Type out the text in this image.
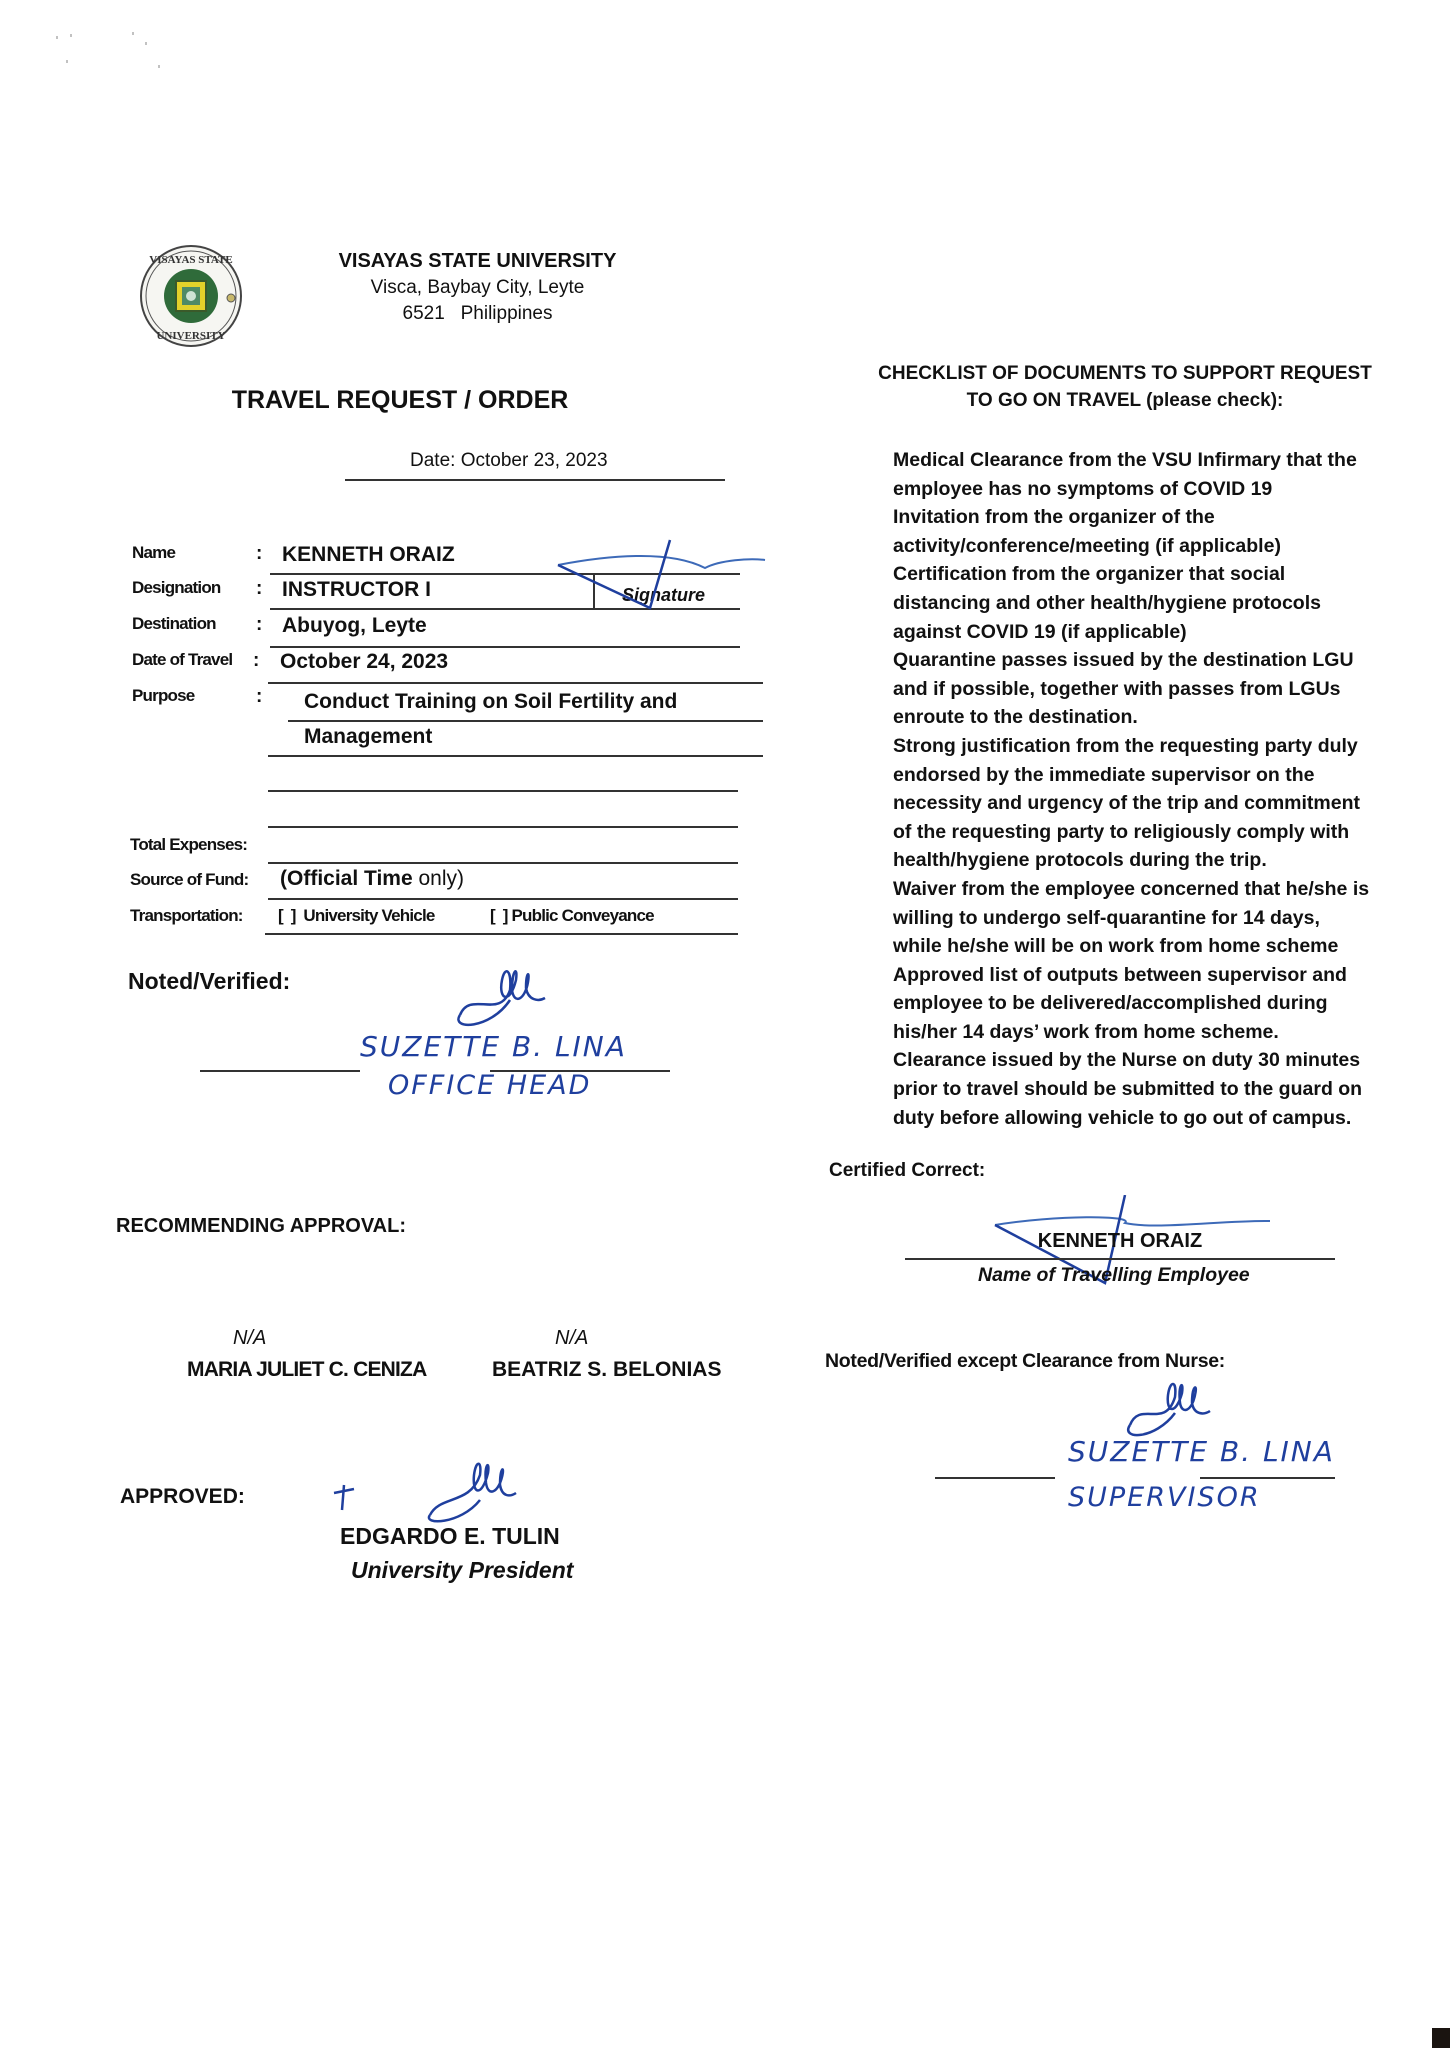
VISAYAS STATE
UNIVERSITY
VISAYAS STATE UNIVERSITY
Visca, Baybay City, Leyte
6521   Philippines
TRAVEL REQUEST / ORDER
Date: October 23, 2023
Name	: KENNETH ORAIZ
Designation : INSTRUCTOR I	Signature
Destination : Abuyog, Leyte
Date of Travel : October 24, 2023
Purpose	: Conduct Training on Soil Fertility and
Management
Total Expenses:
Source of Fund: (Official Time only)
Transportation: [  ]  University Vehicle	[  ] Public Conveyance
Noted/Verified:
SUZETTE B. LINA
OFFICE HEAD
RECOMMENDING APPROVAL:
N/A
MARIA JULIET C. CENIZA
N/A
BEATRIZ S. BELONIAS
APPROVED:
EDGARDO E. TULIN
University President
CHECKLIST OF DOCUMENTS TO SUPPORT REQUEST
TO GO ON TRAVEL (please check):
Medical Clearance from the VSU Infirmary that the
employee has no symptoms of COVID 19
Invitation from the organizer of the
activity/conference/meeting (if applicable)
Certification from the organizer that social
distancing and other health/hygiene protocols
against COVID 19 (if applicable)
Quarantine passes issued by the destination LGU
and if possible, together with passes from LGUs
enroute to the destination.
Strong justification from the requesting party duly
endorsed by the immediate supervisor on the
necessity and urgency of the trip and commitment
of the requesting party to religiously comply with
health/hygiene protocols during the trip.
Waiver from the employee concerned that he/she is
willing to undergo self-quarantine for 14 days,
while he/she will be on work from home scheme
Approved list of outputs between supervisor and
employee to be delivered/accomplished during
his/her 14 days’ work from home scheme.
Clearance issued by the Nurse on duty 30 minutes
prior to travel should be submitted to the guard on
duty before allowing vehicle to go out of campus.
Certified Correct:
KENNETH ORAIZ
Name of Travelling Employee
Noted/Verified except Clearance from Nurse:
SUZETTE B. LINA
SUPERVISOR
